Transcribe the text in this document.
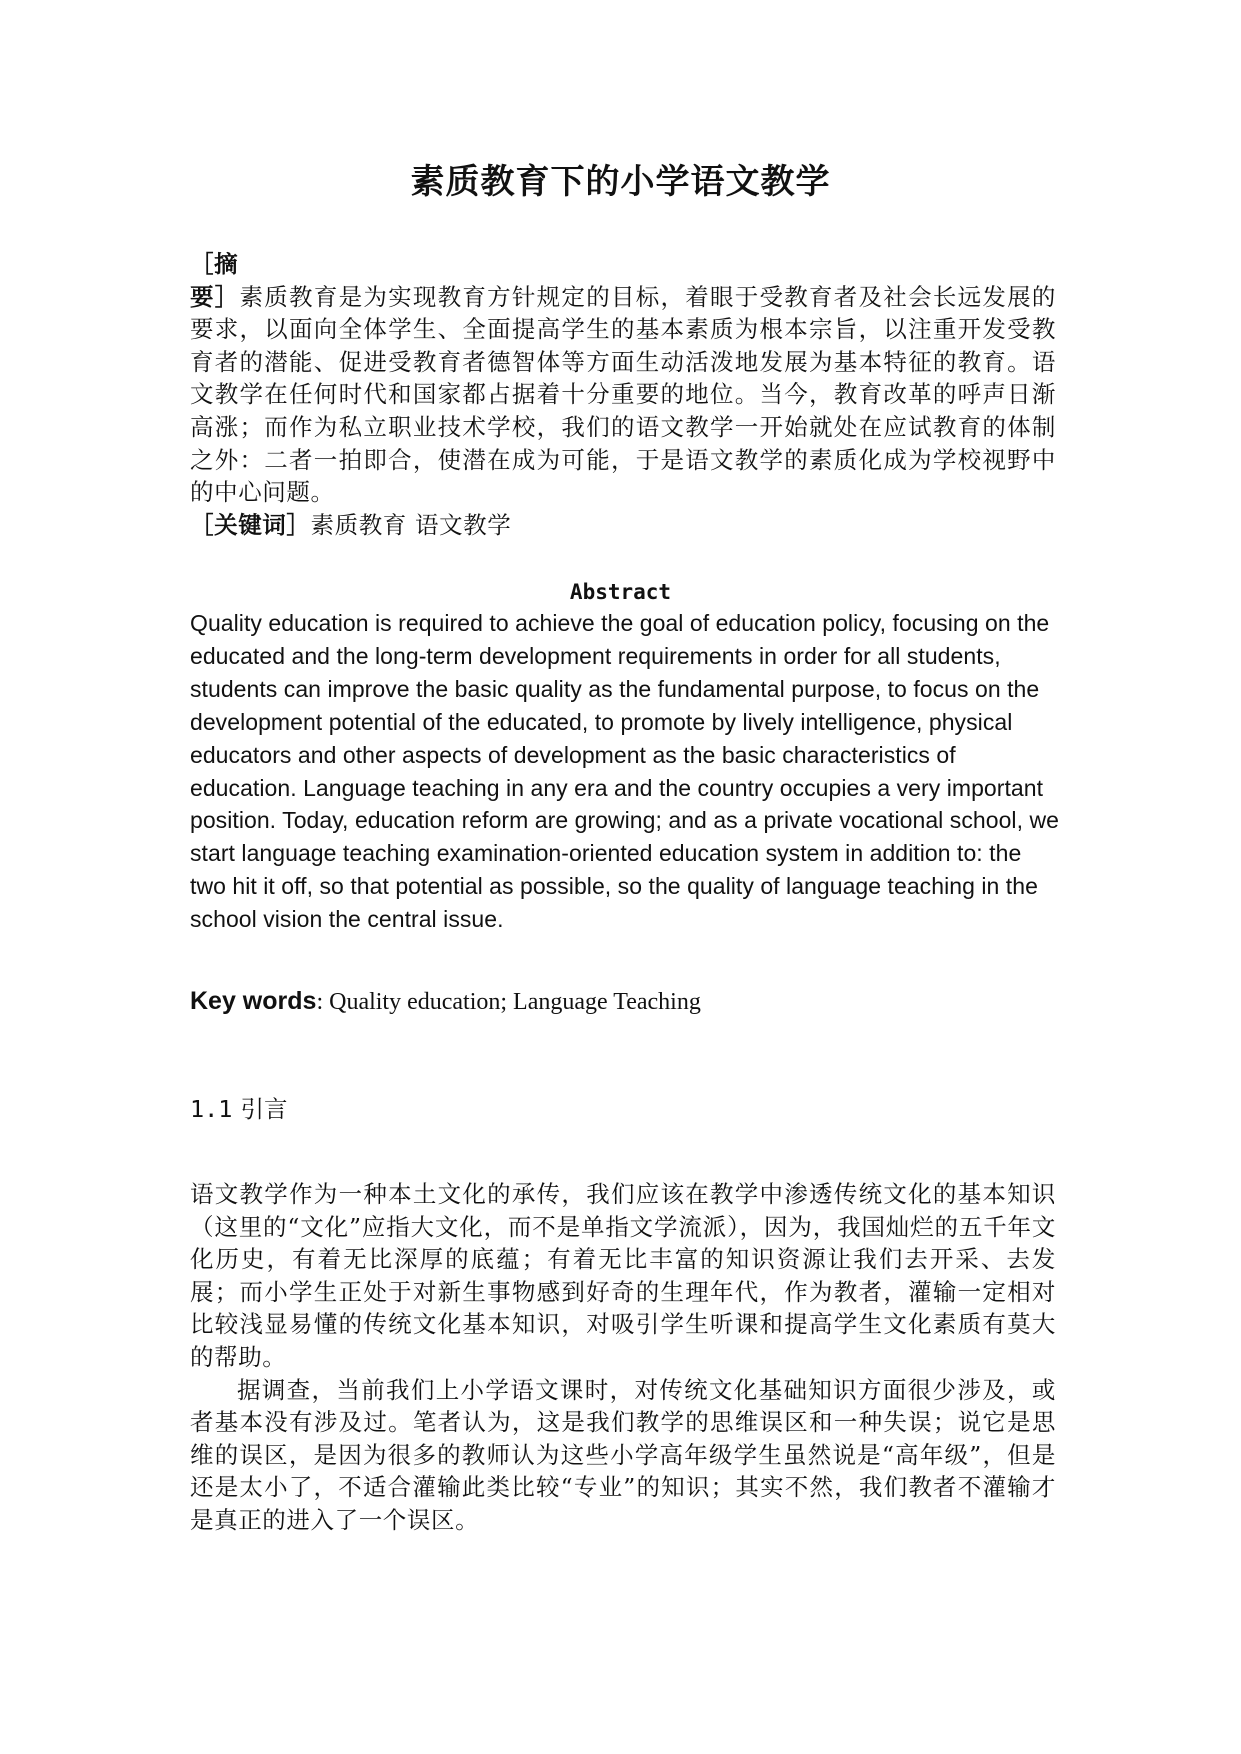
素质教育下的小学语文教学
［摘
要］素质教育是为实现教育方针规定的目标，着眼于受教育者及社会长远发展的要求，以面向全体学生、全面提高学生的基本素质为根本宗旨，以注重开发受教育者的潜能、促进受教育者德智体等方面生动活泼地发展为基本特征的教育。语文教学在任何时代和国家都占据着十分重要的地位。当今，教育改革的呼声日渐高涨；而作为私立职业技术学校，我们的语文教学一开始就处在应试教育的体制之外：二者一拍即合，使潜在成为可能，于是语文教学的素质化成为学校视野中的中心问题。
［关键词］素质教育 语文教学
Abstract
Quality education is required to achieve the goal of education policy, focusing on the educated and the long-term development requirements in order for all students, students can improve the basic quality as the fundamental purpose, to focus on the development potential of the educated, to promote by lively intelligence, physical educators and other aspects of development as the basic characteristics of education. Language teaching in any era and the country occupies a very important position. Today, education reform are growing; and as a private vocational school, we start language teaching examination-oriented education system in addition to: the two hit it off, so that potential as possible, so the quality of language teaching in the school vision the central issue.
Key words: Quality education; Language Teaching
1.1 引言

语文教学作为一种本土文化的承传，我们应该在教学中渗透传统文化的基本知识（这里的“文化”应指大文化，而不是单指文学流派），因为，我国灿烂的五千年文化历史，有着无比深厚的底蕴；有着无比丰富的知识资源让我们去开采、去发展；而小学生正处于对新生事物感到好奇的生理年代，作为教者，灌输一定相对比较浅显易懂的传统文化基本知识，对吸引学生听课和提高学生文化素质有莫大的帮助。

据调查，当前我们上小学语文课时，对传统文化基础知识方面很少涉及，或者基本没有涉及过。笔者认为，这是我们教学的思维误区和一种失误；说它是思维的误区，是因为很多的教师认为这些小学高年级学生虽然说是“高年级”，但是还是太小了，不适合灌输此类比较“专业”的知识；其实不然，我们教者不灌输才是真正的进入了一个误区。
